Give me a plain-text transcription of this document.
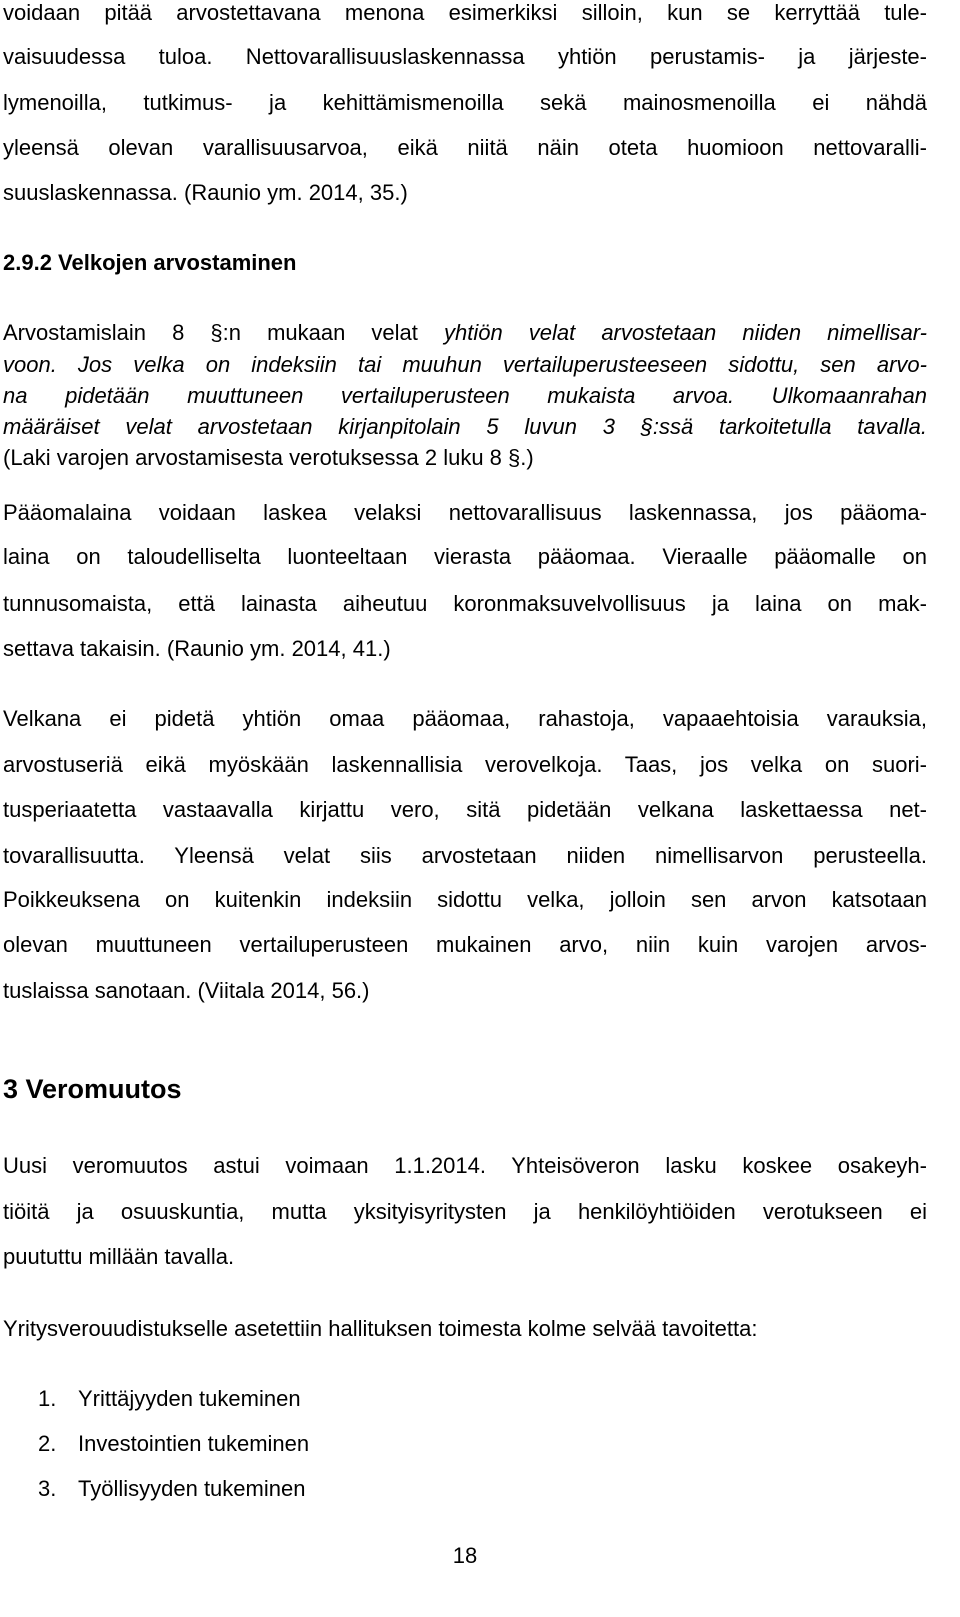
voidaan pitää arvostettavana menona esimerkiksi silloin, kun se kerryttää tule-
vaisuudessa tuloa. Nettovarallisuuslaskennassa yhtiön perustamis- ja järjeste-
lymenoilla, tutkimus- ja kehittämismenoilla sekä mainosmenoilla ei nähdä
yleensä olevan varallisuusarvoa, eikä niitä näin oteta huomioon nettovaralli-
suuslaskennassa. (Raunio ym. 2014, 35.)
2.9.2 Velkojen arvostaminen
Arvostamislain 8 §:n mukaan velat yhtiön velat arvostetaan niiden nimellisar-
voon. Jos velka on indeksiin tai muuhun vertailuperusteeseen sidottu, sen arvo-
na pidetään muuttuneen vertailuperusteen mukaista arvoa. Ulkomaanrahan
määräiset velat arvostetaan kirjanpitolain 5 luvun 3 §:ssä tarkoitetulla tavalla.
(Laki varojen arvostamisesta verotuksessa 2 luku 8 §.)
Pääomalaina voidaan laskea velaksi nettovarallisuus laskennassa, jos pääoma-
laina on taloudelliselta luonteeltaan vierasta pääomaa. Vieraalle pääomalle on
tunnusomaista, että lainasta aiheutuu koronmaksuvelvollisuus ja laina on mak-
settava takaisin. (Raunio ym. 2014, 41.)
Velkana ei pidetä yhtiön omaa pääomaa, rahastoja, vapaaehtoisia varauksia,
arvostuseriä eikä myöskään laskennallisia verovelkoja. Taas, jos velka on suori-
tusperiaatetta vastaavalla kirjattu vero, sitä pidetään velkana laskettaessa net-
tovarallisuutta. Yleensä velat siis arvostetaan niiden nimellisarvon perusteella.
Poikkeuksena on kuitenkin indeksiin sidottu velka, jolloin sen arvon katsotaan
olevan muuttuneen vertailuperusteen mukainen arvo, niin kuin varojen arvos-
tuslaissa sanotaan. (Viitala 2014, 56.)
3 Veromuutos
Uusi veromuutos astui voimaan 1.1.2014. Yhteisöveron lasku koskee osakeyh-
tiöitä ja osuuskuntia, mutta yksityisyritysten ja henkilöyhtiöiden verotukseen ei
puututtu millään tavalla.
Yritysverouudistukselle asetettiin hallituksen toimesta kolme selvää tavoitetta:
1. Yrittäjyyden tukeminen
2. Investointien tukeminen
3. Työllisyyden tukeminen
18
